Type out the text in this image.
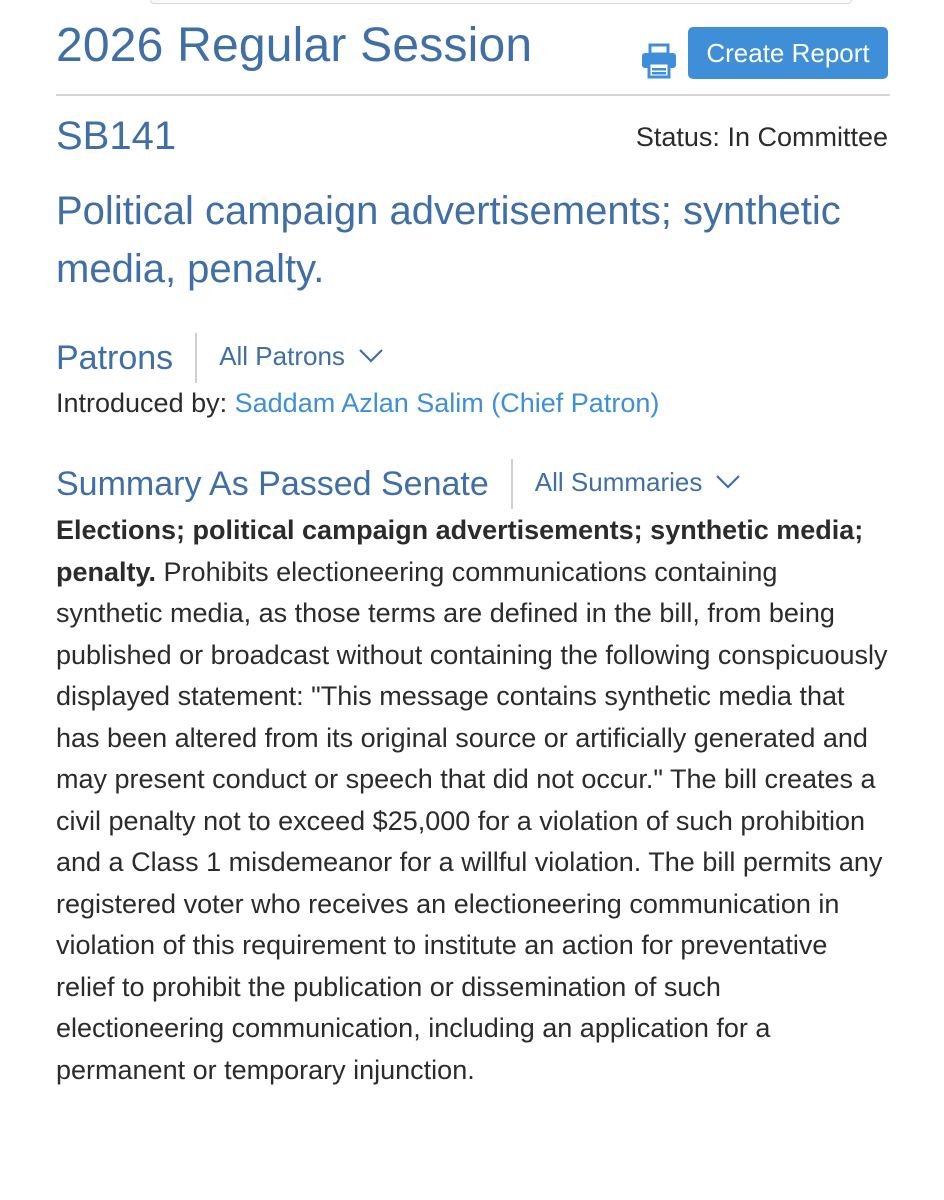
2026 Regular Session	Create Report
SB141	Status: In Committee
Political campaign advertisements; synthetic media, penalty.
Patrons All Patrons
Introduced by: Saddam Azlan Salim (Chief Patron)
Summary As Passed Senate All Summaries
Elections; political campaign advertisements; synthetic media; penalty. Prohibits electioneering communications containing synthetic media, as those terms are defined in the bill, from being published or broadcast without containing the following conspicuously displayed statement: "This message contains synthetic media that has been altered from its original source or artificially generated and may present conduct or speech that did not occur." The bill creates a civil penalty not to exceed $25,000 for a violation of such prohibition and a Class 1 misdemeanor for a willful violation. The bill permits any registered voter who receives an electioneering communication in violation of this requirement to institute an action for preventative relief to prohibit the publication or dissemination of such electioneering communication, including an application for a permanent or temporary injunction.
